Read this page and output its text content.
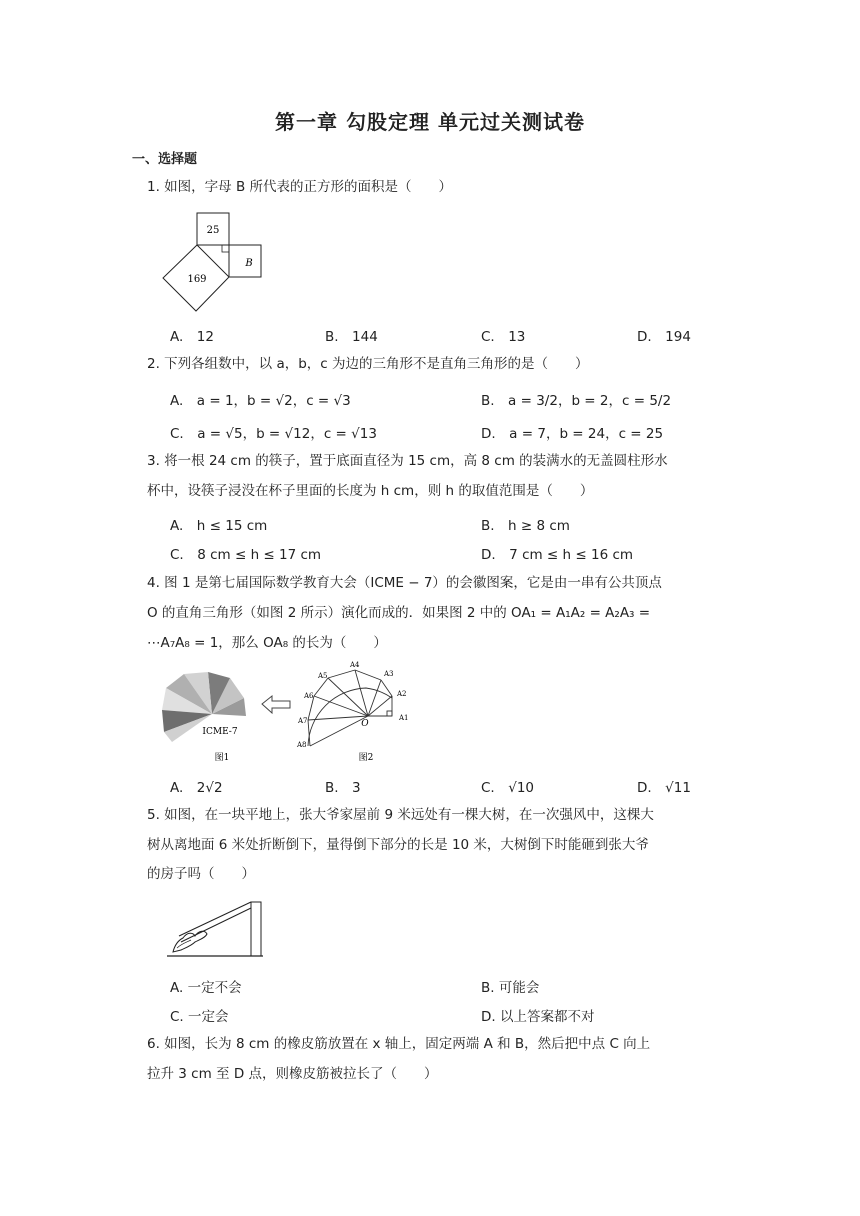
第一章 勾股定理 单元过关测试卷
一、选择题
1. 如图，字母 B 所代表的正方形的面积是（　　）
25
169
B
A.　12	B.　144	C.　13	D.　194
2. 下列各组数中，以 a，b，c 为边的三角形不是直角三角形的是（　　）
A.　a = 1，b = √2，c = √3	B.　a = 3/2，b = 2，c = 5/2
C.　a = √5，b = √12，c = √13	D.　a = 7，b = 24，c = 25
3. 将一根 24 cm 的筷子，置于底面直径为 15 cm，高 8 cm 的装满水的无盖圆柱形水
杯中，设筷子浸没在杯子里面的长度为 h cm，则 h 的取值范围是（　　）
A.　h ≤ 15 cm	B.　h ≥ 8 cm
C.　8 cm ≤ h ≤ 17 cm	D.　7 cm ≤ h ≤ 16 cm
4. 图 1 是第七届国际数学教育大会（ICME − 7）的会徽图案，它是由一串有公共顶点
O 的直角三角形（如图 2 所示）演化而成的．如果图 2 中的 OA₁ = A₁A₂ = A₂A₃ =
⋯A₇A₈ = 1，那么 OA₈ 的长为（　　）
ICME-7
图1
O
A1
A2
A3
A4
A5
A6
A7
A8
图2
A.　2√2	B.　3	C.　√10	D.　√11
5. 如图，在一块平地上，张大爷家屋前 9 米远处有一棵大树，在一次强风中，这棵大
树从离地面 6 米处折断倒下，量得倒下部分的长是 10 米，大树倒下时能砸到张大爷
的房子吗（　　）
A. 一定不会	B. 可能会
C. 一定会	D. 以上答案都不对
6. 如图，长为 8 cm 的橡皮筋放置在 x 轴上，固定两端 A 和 B，然后把中点 C 向上
拉升 3 cm 至 D 点，则橡皮筋被拉长了（　　）
